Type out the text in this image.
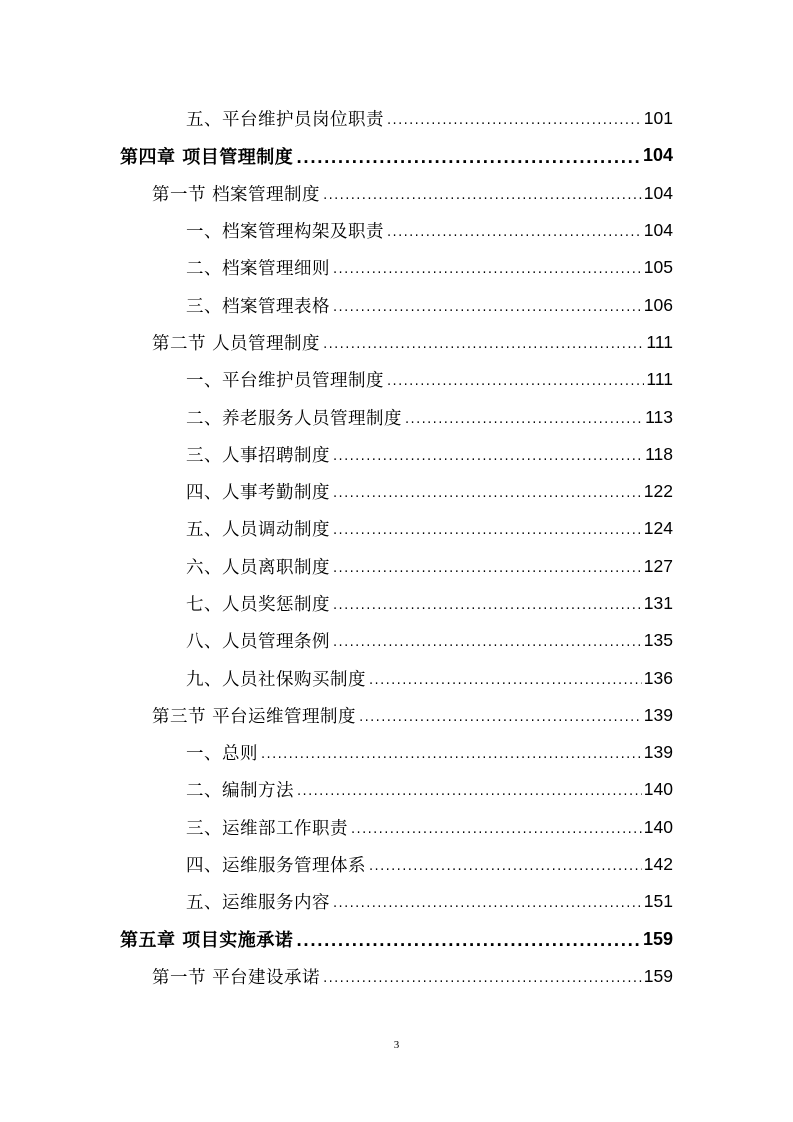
五、平台维护员岗位职责 .....	101
第四章 项目管理制度 .....	104
第一节 档案管理制度 .....	104
一、档案管理构架及职责 .....	104
二、档案管理细则 .....	105
三、档案管理表格 .....	106
第二节 人员管理制度 .....	111
一、平台维护员管理制度 .....	111
二、养老服务人员管理制度 .....	113
三、人事招聘制度 .....	118
四、人事考勤制度 .....	122
五、人员调动制度 .....	124
六、人员离职制度 .....	127
七、人员奖惩制度 .....	131
八、人员管理条例 .....	135
九、人员社保购买制度 .....	136
第三节 平台运维管理制度 .....	139
一、总则 .....	139
二、编制方法 .....	140
三、运维部工作职责 .....	140
四、运维服务管理体系 .....	142
五、运维服务内容 .....	151
第五章 项目实施承诺 .....	159
第一节 平台建设承诺 .....	159
3
